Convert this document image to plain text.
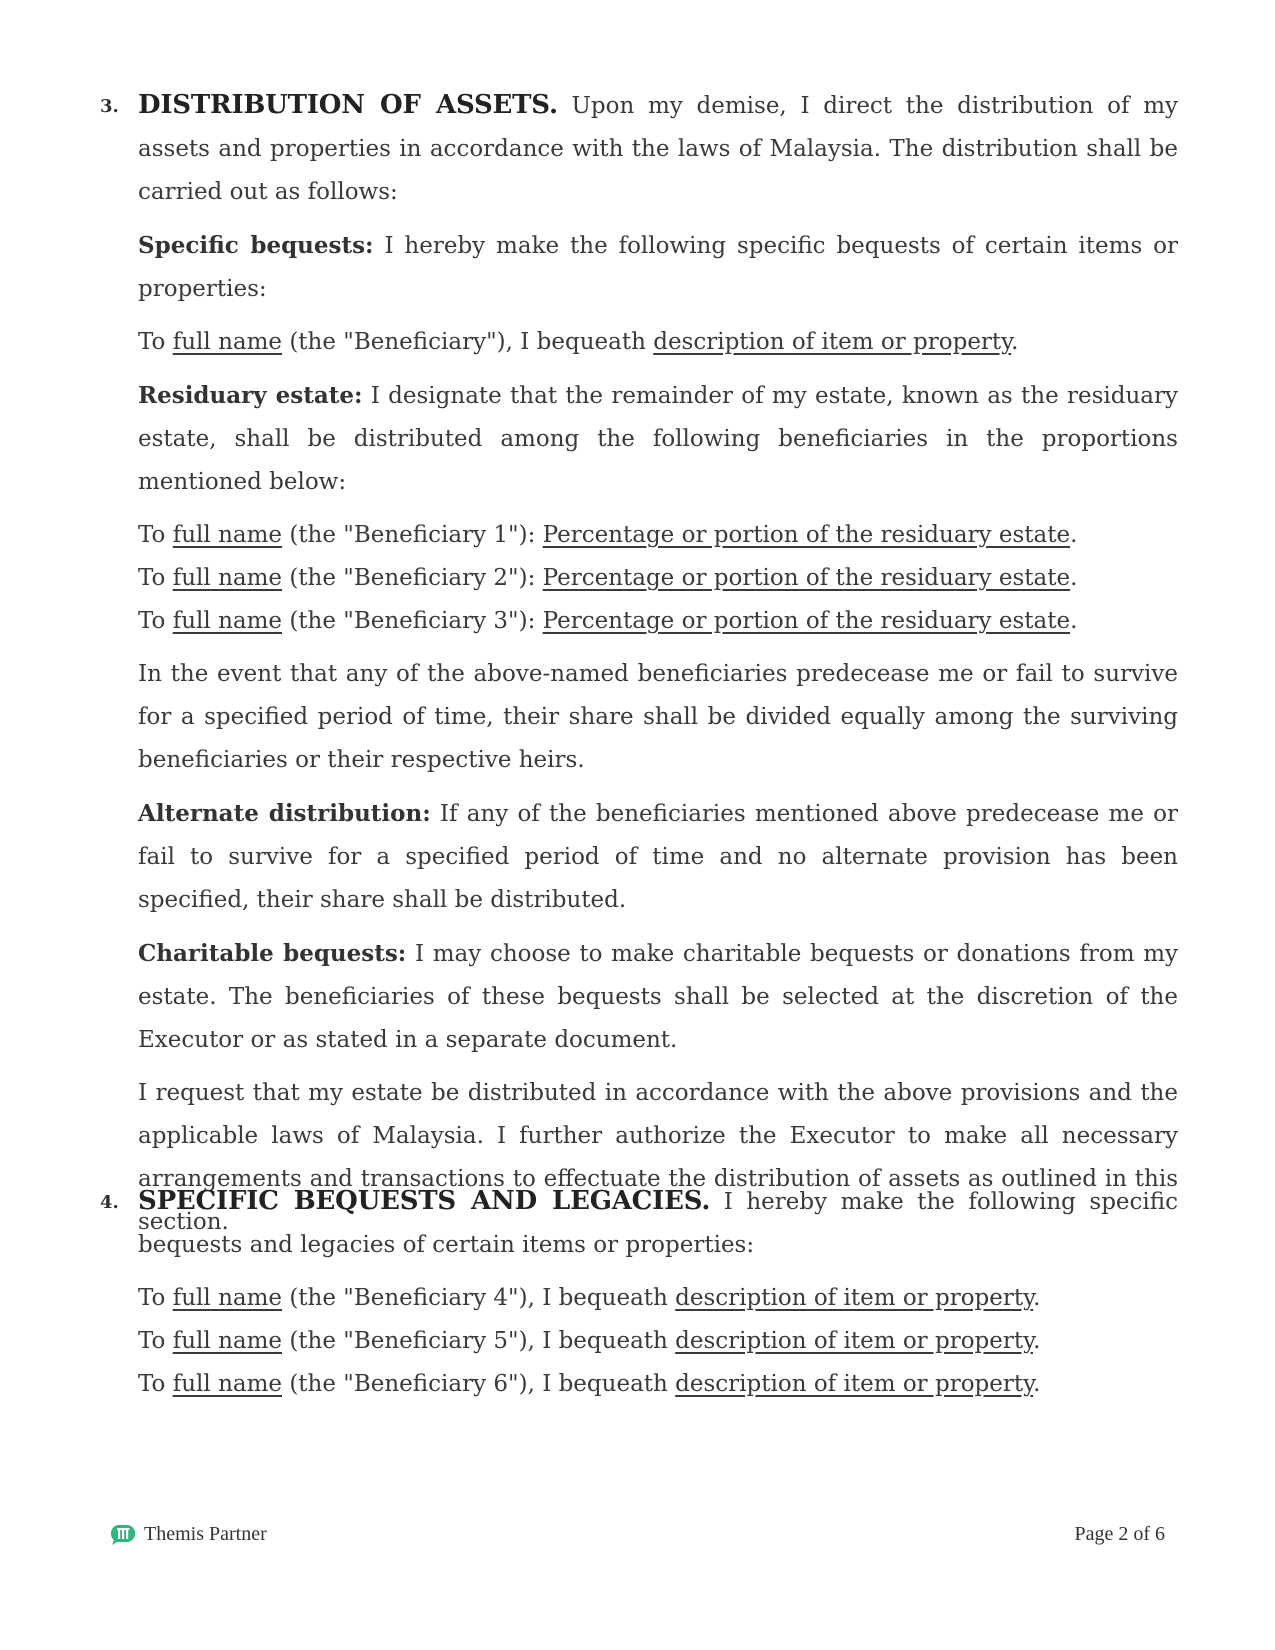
3. DISTRIBUTION OF ASSETS. Upon my demise, I direct the distribution of my assets and properties in accordance with the laws of Malaysia. The distribution shall be carried out as follows:

Specific bequests: I hereby make the following specific bequests of certain items or properties:

To full name (the "Beneficiary"), I bequeath description of item or property.

Residuary estate: I designate that the remainder of my estate, known as the residuary estate, shall be distributed among the following beneficiaries in the proportions mentioned below:

To full name (the "Beneficiary 1"): Percentage or portion of the residuary estate.

To full name (the "Beneficiary 2"): Percentage or portion of the residuary estate.

To full name (the "Beneficiary 3"): Percentage or portion of the residuary estate.

In the event that any of the above-named beneficiaries predecease me or fail to survive for a specified period of time, their share shall be divided equally among the surviving beneficiaries or their respective heirs.

Alternate distribution: If any of the beneficiaries mentioned above predecease me or fail to survive for a specified period of time and no alternate provision has been specified, their share shall be distributed.

Charitable bequests: I may choose to make charitable bequests or donations from my estate. The beneficiaries of these bequests shall be selected at the discretion of the Executor or as stated in a separate document.

I request that my estate be distributed in accordance with the above provisions and the applicable laws of Malaysia. I further authorize the Executor to make all necessary arrangements and transactions to effectuate the distribution of assets as outlined in this section.

4. SPECIFIC BEQUESTS AND LEGACIES. I hereby make the following specific bequests and legacies of certain items or properties:

To full name (the "Beneficiary 4"), I bequeath description of item or property.

To full name (the "Beneficiary 5"), I bequeath description of item or property.

To full name (the "Beneficiary 6"), I bequeath description of item or property.

Themis Partner	Page 2 of 6
